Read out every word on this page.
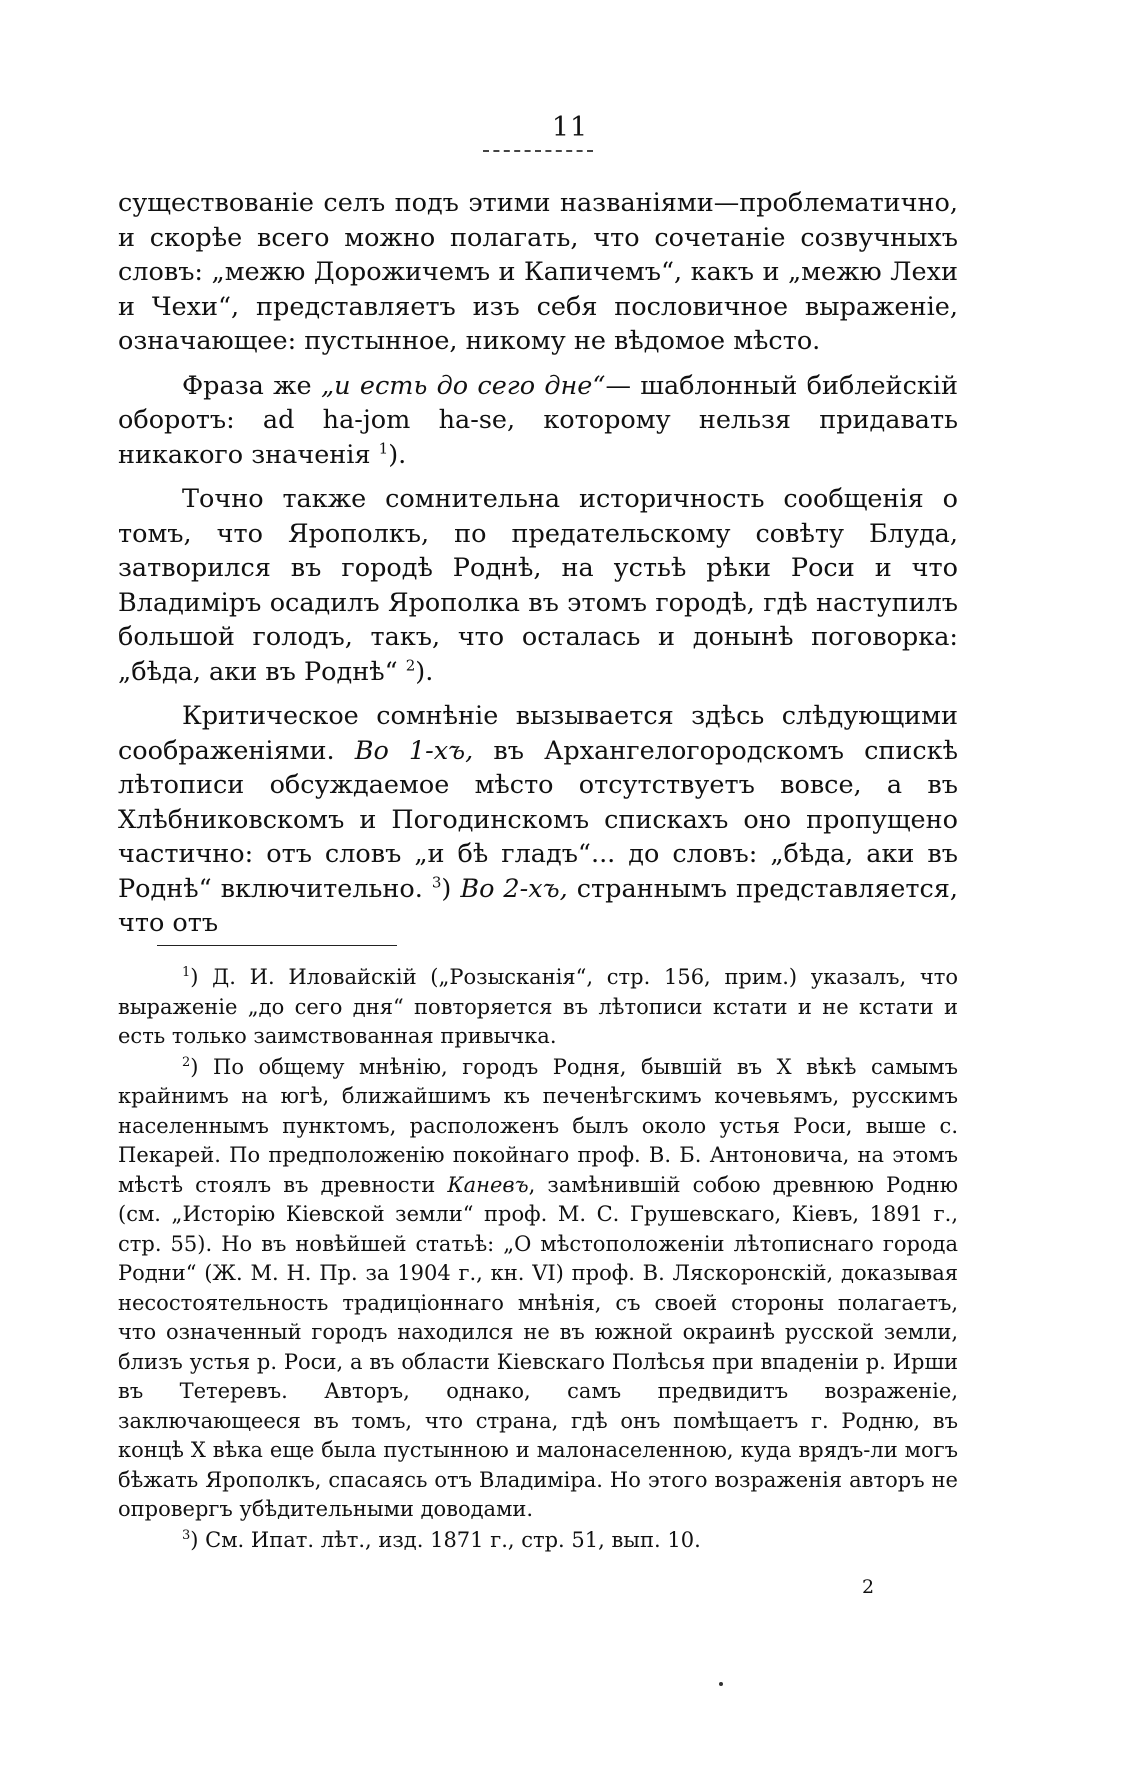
11

существованіе селъ подъ этими названіями—проблематично, и скорѣе всего можно полагать, что сочетаніе созвучныхъ словъ: „межю Дорожичемъ и Капичемъ“, какъ и „межю Лехи и Чехи“, представляетъ изъ себя пословичное выраженіе, означающее: пустынное, никому не вѣдомое мѣсто.

Фраза же „и есть до сего дне“— шаблонный библейскій оборотъ: ad ha-jom ha-se, которому нельзя придавать никакого значенія $^1$).

Точно также сомнительна историчность сообщенія о томъ, что Ярополкъ, по предательскому совѣту Блуда, затворился въ городѣ Роднѣ, на устьѣ рѣки Роси и что Владиміръ осадилъ Ярополка въ этомъ городѣ, гдѣ наступилъ большой голодъ, такъ, что осталась и донынѣ поговорка: „бѣда, аки въ Роднѣ“ $^2$).

Критическое сомнѣніе вызывается здѣсь слѣдующими соображеніями. Во 1-хъ, въ Архангелогородскомъ спискѣ лѣтописи обсуждаемое мѣсто отсутствуетъ вовсе, а въ Хлѣбниковскомъ и Погодинскомъ спискахъ оно пропущено частично: отъ словъ „и бѣ гладъ“... до словъ: „бѣда, аки въ Роднѣ“ включительно. $^3$) Во 2-хъ, страннымъ представляется, что отъ

$^1$) Д. И. Иловайскій („Розысканія“, стр. 156, прим.) указалъ, что выраженіе „до сего дня“ повторяется въ лѣтописи кстати и не кстати и есть только заимствованная привычка.

$^2$) По общему мнѣнію, городъ Родня, бывшій въ X вѣкѣ самымъ крайнимъ на югѣ, ближайшимъ къ печенѣгскимъ кочевьямъ, русскимъ населеннымъ пунктомъ, расположенъ былъ около устья Роси, выше с. Пекарей. По предположенію покойнаго проф. В. Б. Антоновича, на этомъ мѣстѣ стоялъ въ древности Каневъ, замѣнившій собою древнюю Родню (см. „Исторію Кіевской земли“ проф. М. С. Грушевскаго, Кіевъ, 1891 г., стр. 55). Но въ новѣйшей статьѣ: „О мѣстоположеніи лѣтописнаго города Родни“ (Ж. М. Н. Пр. за 1904 г., кн. VI) проф. В. Ляскоронскій, доказывая несостоятельность традиціоннаго мнѣнія, съ своей стороны полагаетъ, что означенный городъ находился не въ южной окраинѣ русской земли, близъ устья р. Роси, а въ области Кіевскаго Полѣсья при впаденіи р. Ирши въ Тетеревъ. Авторъ, однако, самъ предвидитъ возраженіе, заключающееся въ томъ, что страна, гдѣ онъ помѣщаетъ г. Родню, въ концѣ X вѣка еще была пустынною и малонаселенною, куда врядъ-ли могъ бѣжать Ярополкъ, спасаясь отъ Владиміра. Но этого возраженія авторъ не опровергъ убѣдительными доводами.

$^3$) См. Ипат. лѣт., изд. 1871 г., стр. 51, вып. 10.

2
